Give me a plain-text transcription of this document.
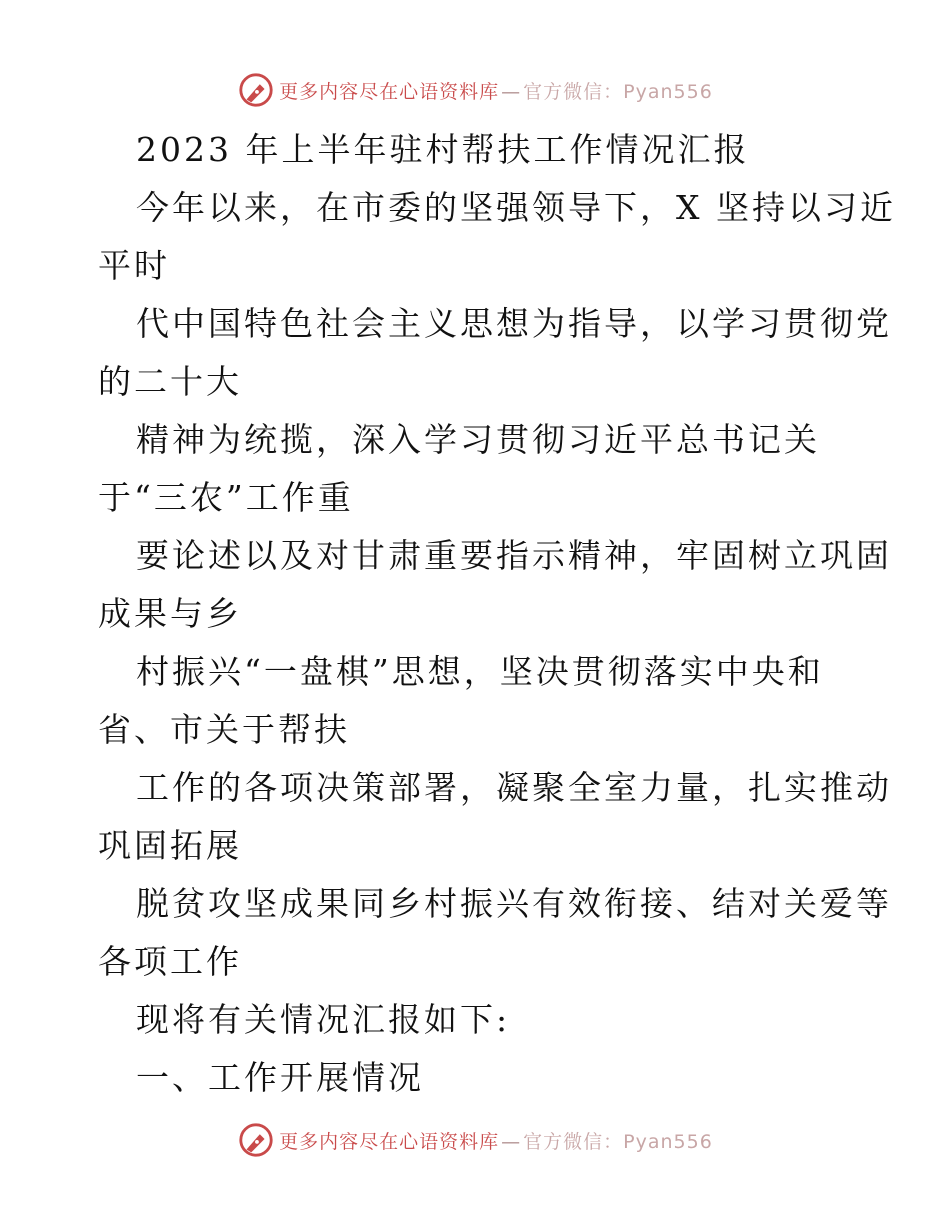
更多内容尽在心语资料库 — 官方微信：Pyan556

2023 年上半年驻村帮扶工作情况汇报

今年以来，在市委的坚强领导下，X 坚持以习近

平时

代中国特色社会主义思想为指导，以学习贯彻党

的二十大

精神为统揽，深入学习贯彻习近平总书记关

于“三农”工作重

要论述以及对甘肃重要指示精神，牢固树立巩固

成果与乡

村振兴“一盘棋”思想，坚决贯彻落实中央和

省、市关于帮扶

工作的各项决策部署，凝聚全室力量，扎实推动

巩固拓展

脱贫攻坚成果同乡村振兴有效衔接、结对关爱等

各项工作

现将有关情况汇报如下:

一、工作开展情况

更多内容尽在心语资料库 — 官方微信：Pyan556
